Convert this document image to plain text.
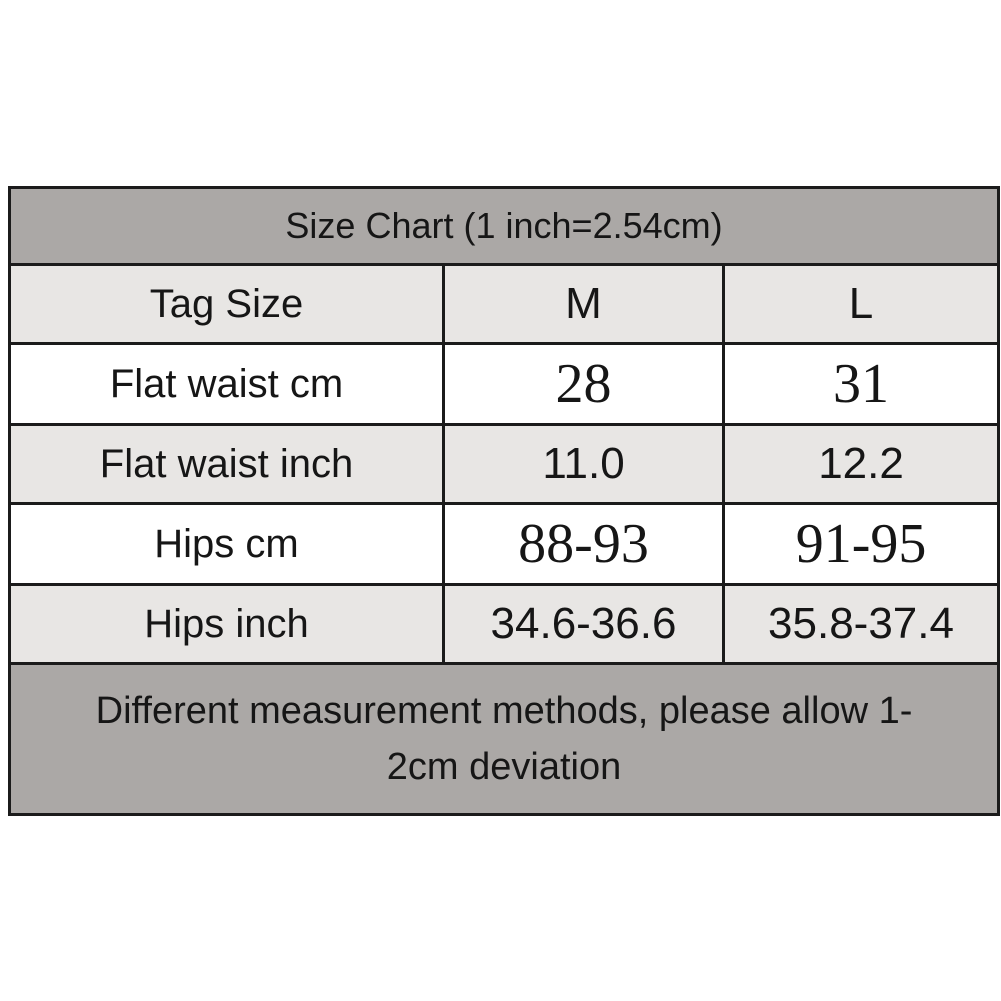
Size Chart (1 inch=2.54cm)		
Tag Size	M	L
Flat waist cm	28	31
Flat waist inch	11.0	12.2
Hips cm	88-93	91-95
Hips inch	34.6-36.6	35.8-37.4

Different measurement methods, please allow 1-
2cm deviation		
